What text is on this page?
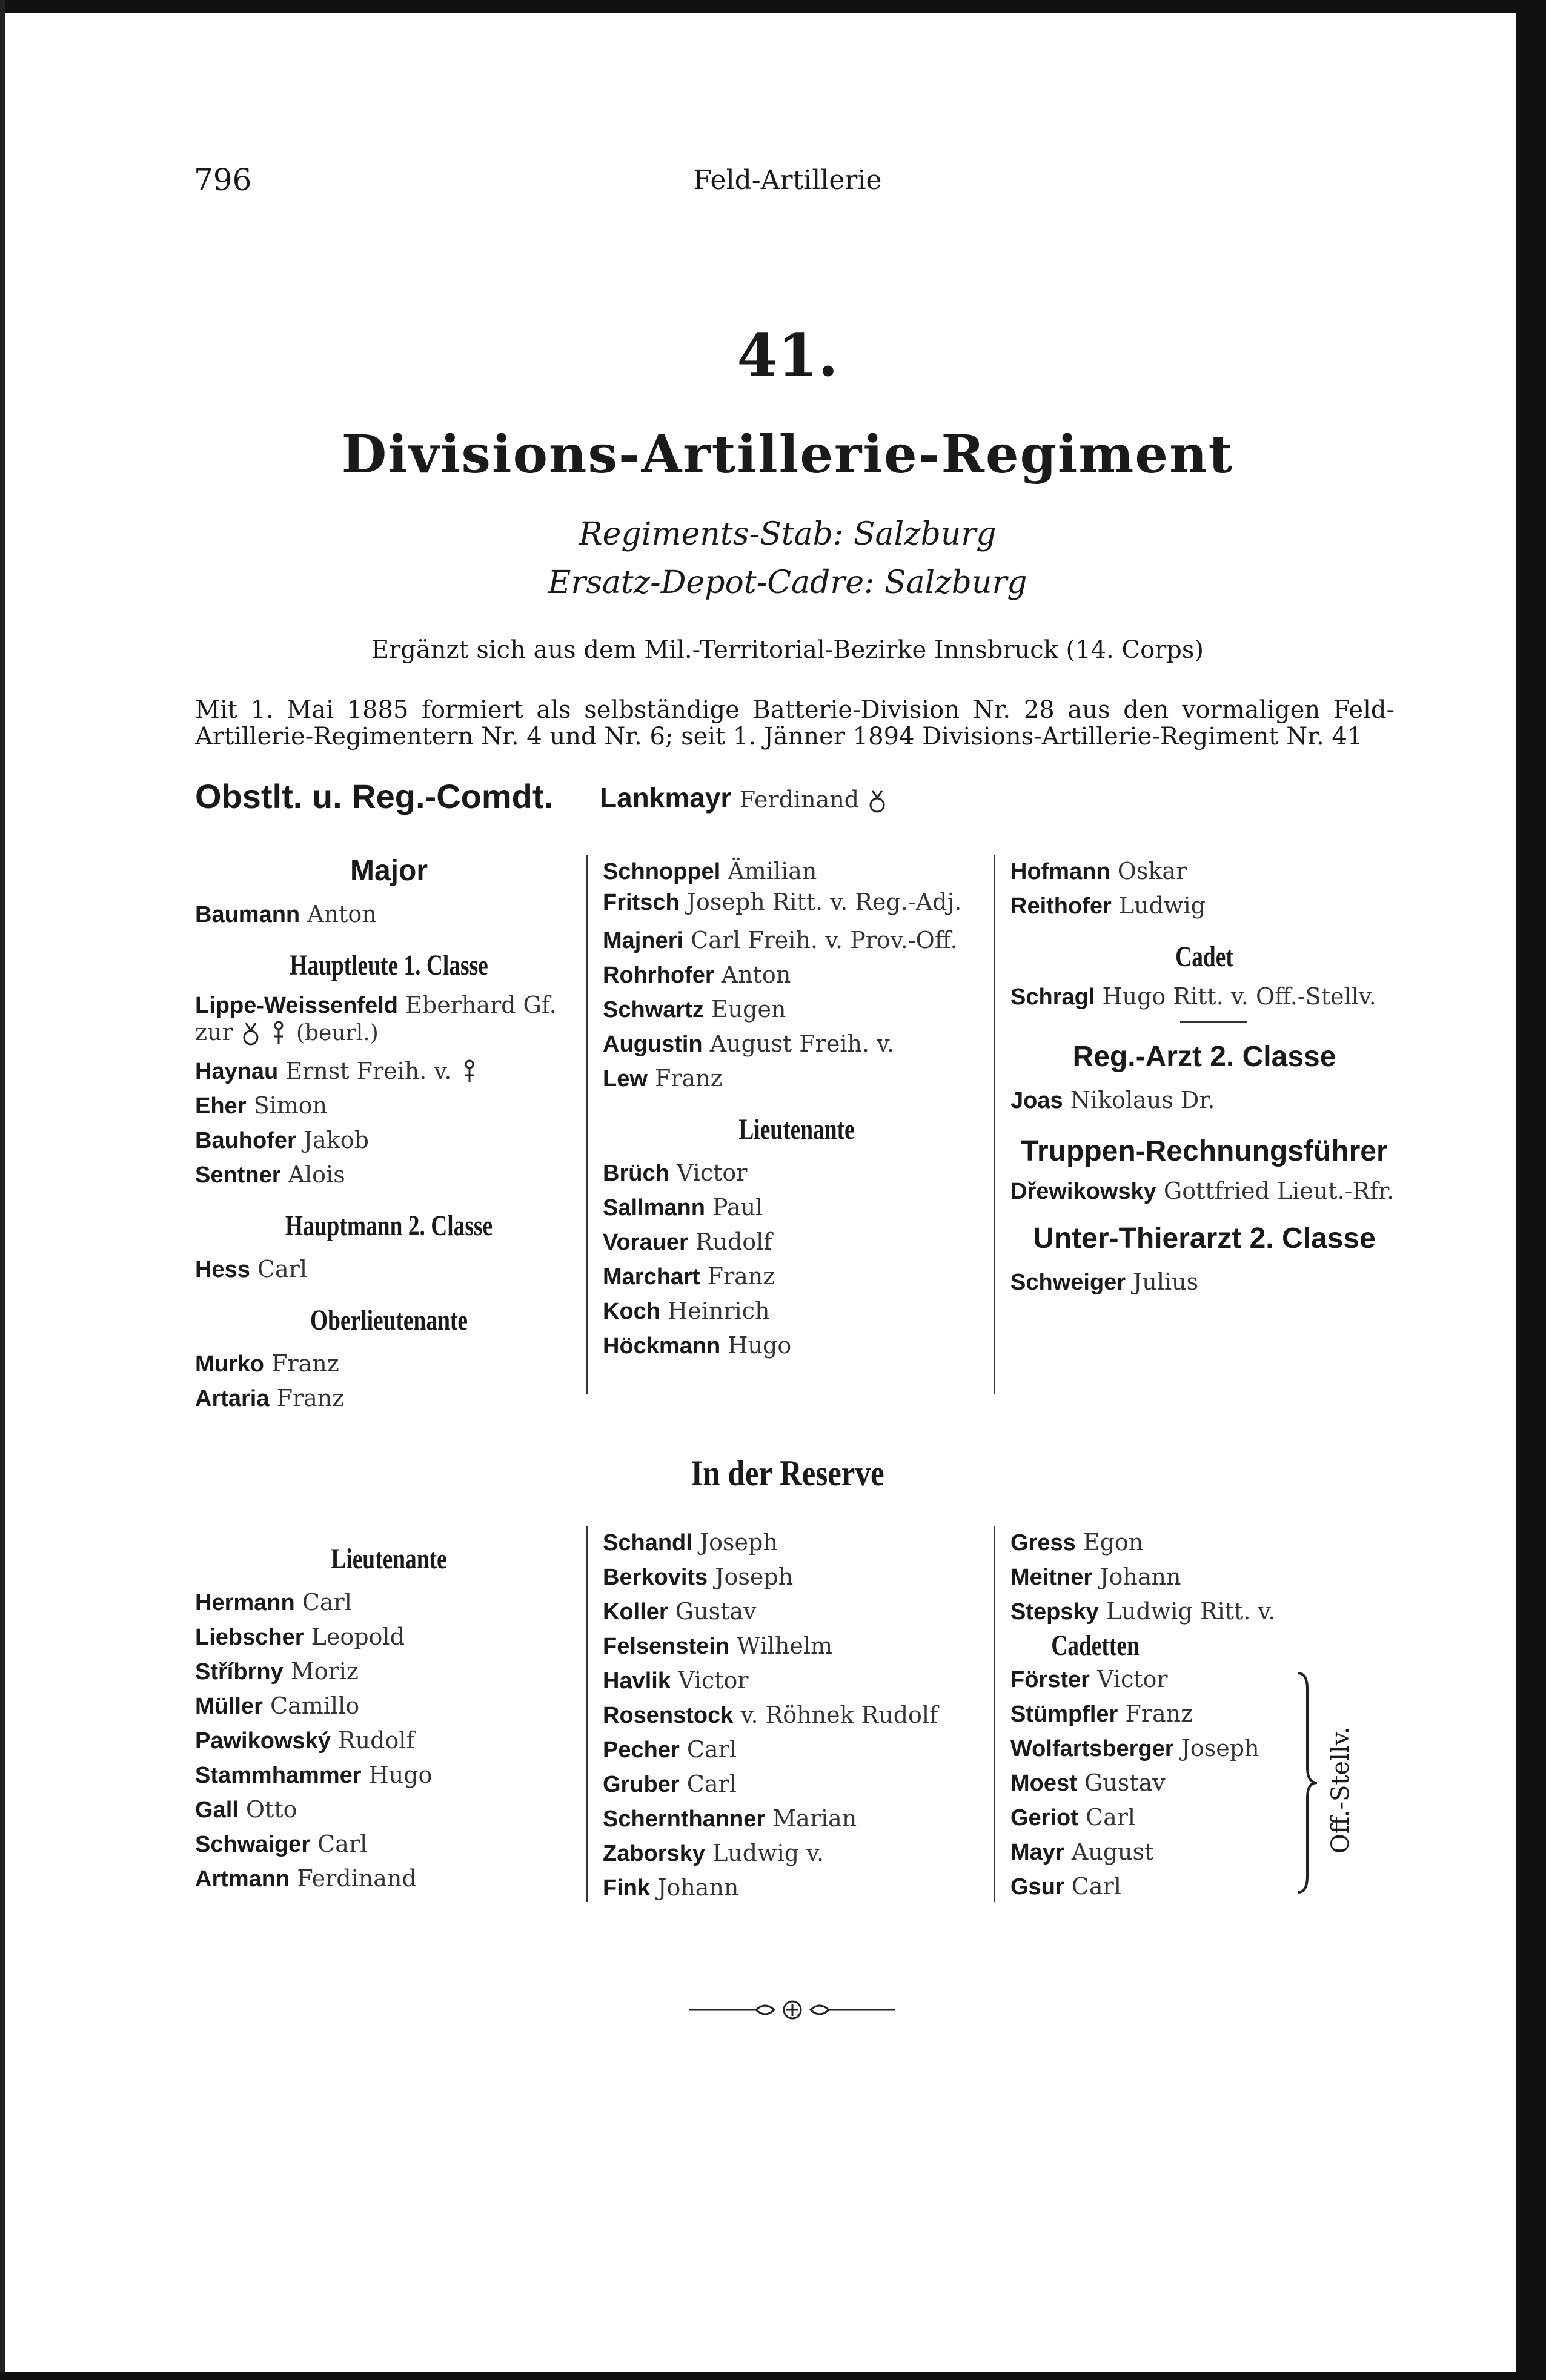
796	Feld-Artillerie
41.
Divisions-Artillerie-Regiment
Regiments-Stab: Salzburg
Ersatz-Depot-Cadre: Salzburg
Ergänzt sich aus dem Mil.-Territorial-Bezirke Innsbruck (14. Corps)
Mit 1. Mai 1885 formiert als selbständige Batterie-Division Nr. 28 aus den vormaligen Feld-Artillerie-Regimentern Nr. 4 und Nr. 6; seit 1. Jänner 1894 Divisions-Artillerie-Regiment Nr. 41
Obstlt. u. Reg.-Comdt. Lankmayr Ferdinand
Major
Baumann Anton
Hauptleute 1. Classe
Lippe-Weissenfeld Eberhard Gf. zur	(beurl.)
Haynau Ernst Freih. v.
Eher Simon
Bauhofer Jakob
Sentner Alois
Hauptmann 2. Classe
Hess Carl
Oberlieutenante
Murko Franz
Artaria Franz
Schnoppel Ämilian
Fritsch Joseph Ritt. v. Reg.-Adj.
Majneri Carl Freih. v. Prov.-Off.
Rohrhofer Anton
Schwartz Eugen
Augustin August Freih. v.
Lew Franz
Lieutenante
Brüch Victor
Sallmann Paul
Vorauer Rudolf
Marchart Franz
Koch Heinrich
Höckmann Hugo
Hofmann Oskar
Reithofer Ludwig
Cadet
Schragl Hugo Ritt. v. Off.-Stellv.
Reg.-Arzt 2. Classe
Joas Nikolaus Dr.
Truppen-Rechnungsführer
Dřewikowsky Gottfried Lieut.-Rfr.
Unter-Thierarzt 2. Classe
Schweiger Julius
In der Reserve
Lieutenante
Hermann Carl
Liebscher Leopold
Stříbrny Moriz
Müller Camillo
Pawikowský Rudolf
Stammhammer Hugo
Gall Otto
Schwaiger Carl
Artmann Ferdinand
Schandl Joseph
Berkovits Joseph
Koller Gustav
Felsenstein Wilhelm
Havlik Victor
Rosenstock v. Röhnek Rudolf
Pecher Carl
Gruber Carl
Schernthanner Marian
Zaborsky Ludwig v.
Fink Johann
Gress Egon
Meitner Johann
Stepsky Ludwig Ritt. v.
Cadetten
Förster Victor
Stümpfler Franz
Wolfartsberger Joseph
Moest Gustav
Geriot Carl
Mayr August
Gsur Carl
Off.-Stellv.
